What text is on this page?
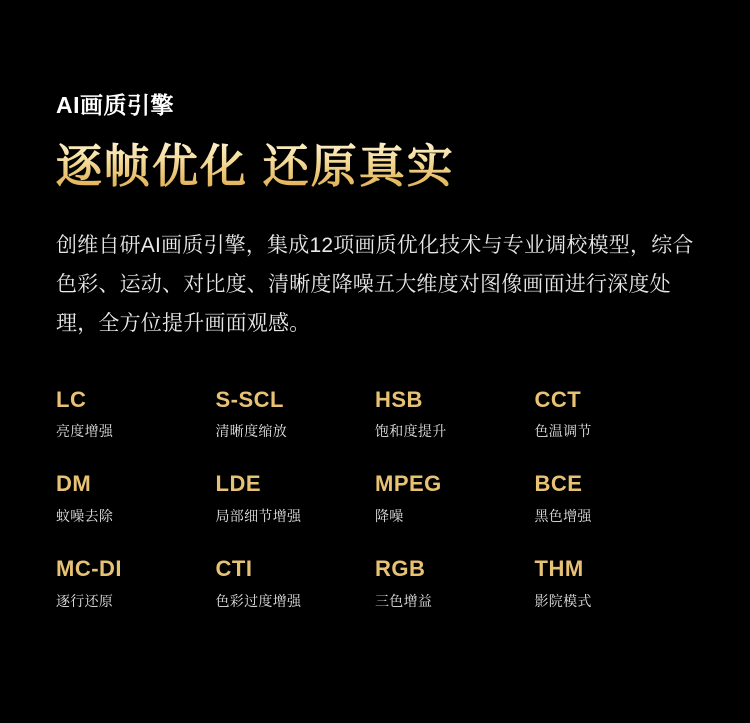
AI画质引擎
逐帧优化 还原真实
创维自研AI画质引擎，集成12项画质优化技术与专业调校模型，综合色彩、运动、对比度、清晰度降噪五大维度对图像画面进行深度处理，全方位提升画面观感。
LC
亮度增强
S-SCL
清晰度缩放
HSB
饱和度提升
CCT
色温调节
DM
蚊噪去除
LDE
局部细节增强
MPEG
降噪
BCE
黑色增强
MC-DI
逐行还原
CTI
色彩过度增强
RGB
三色增益
THM
影院模式
